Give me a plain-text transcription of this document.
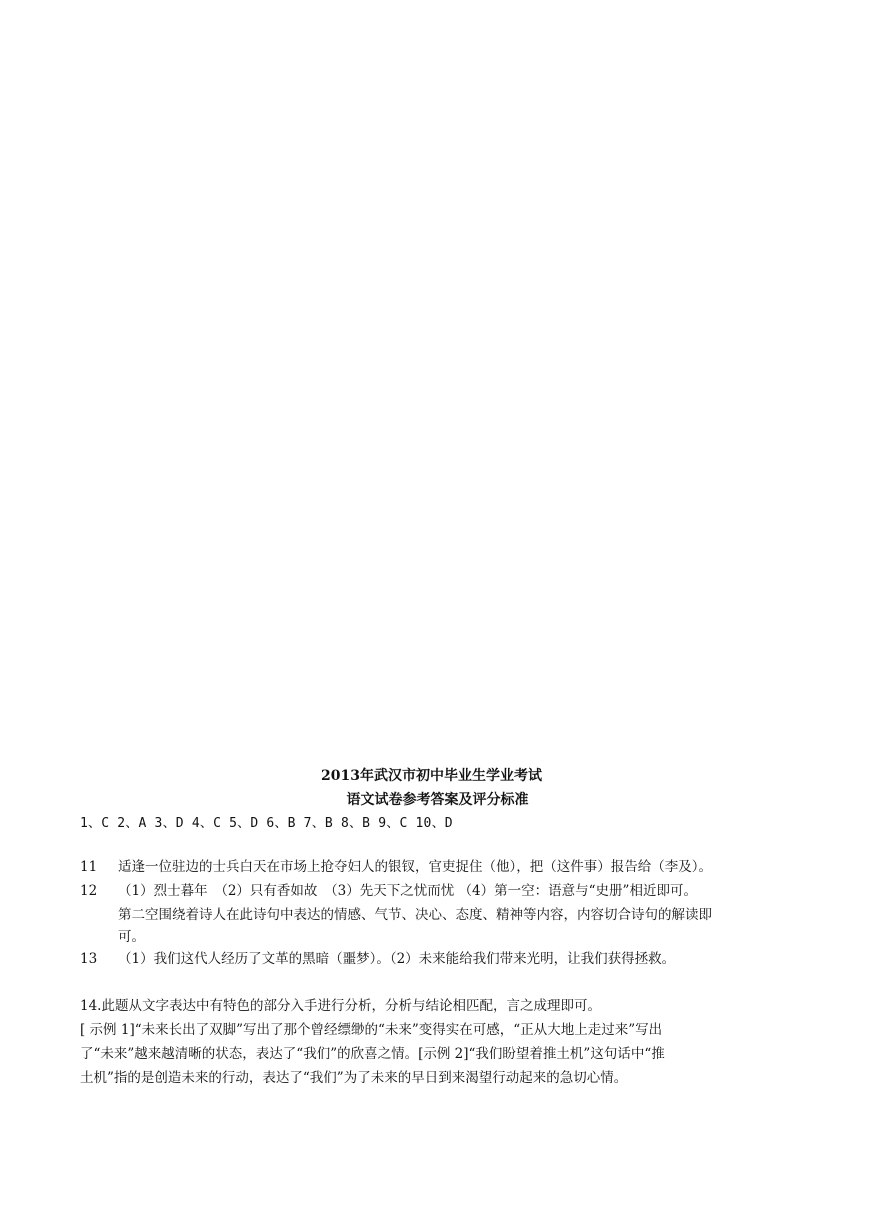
2013年武汉市初中毕业生学业考试
语文试卷参考答案及评分标准
1、C 2、A 3、D 4、C 5、D 6、B 7、B 8、B 9、C 10、D
11 适逢一位驻边的士兵白天在市场上抢夺妇人的银钗，官吏捉住（他），把（这件事）报告给（李及）。
12 （1）烈士暮年　（2）只有香如故　（3）先天下之忧而忧 （4）第一空：语意与“史册”相近即可。
第二空围绕着诗人在此诗句中表达的情感、气节、决心、态度、精神等内容，内容切合诗句的解读即
可。
13 （1）我们这代人经历了文革的黑暗（噩梦）。（2）未来能给我们带来光明，让我们获得拯救。
14.此题从文字表达中有特色的部分入手进行分析，分析与结论相匹配，言之成理即可。
[ 示例 1]“未来长出了双脚”写出了那个曾经缥缈的“未来”变得实在可感，“正从大地上走过来”写出
了“未来”越来越清晰的状态，表达了“我们”的欣喜之情。[示例 2]“我们盼望着推土机”这句话中“推
土机”指的是创造未来的行动，表达了“我们”为了未来的早日到来渴望行动起来的急切心情。
